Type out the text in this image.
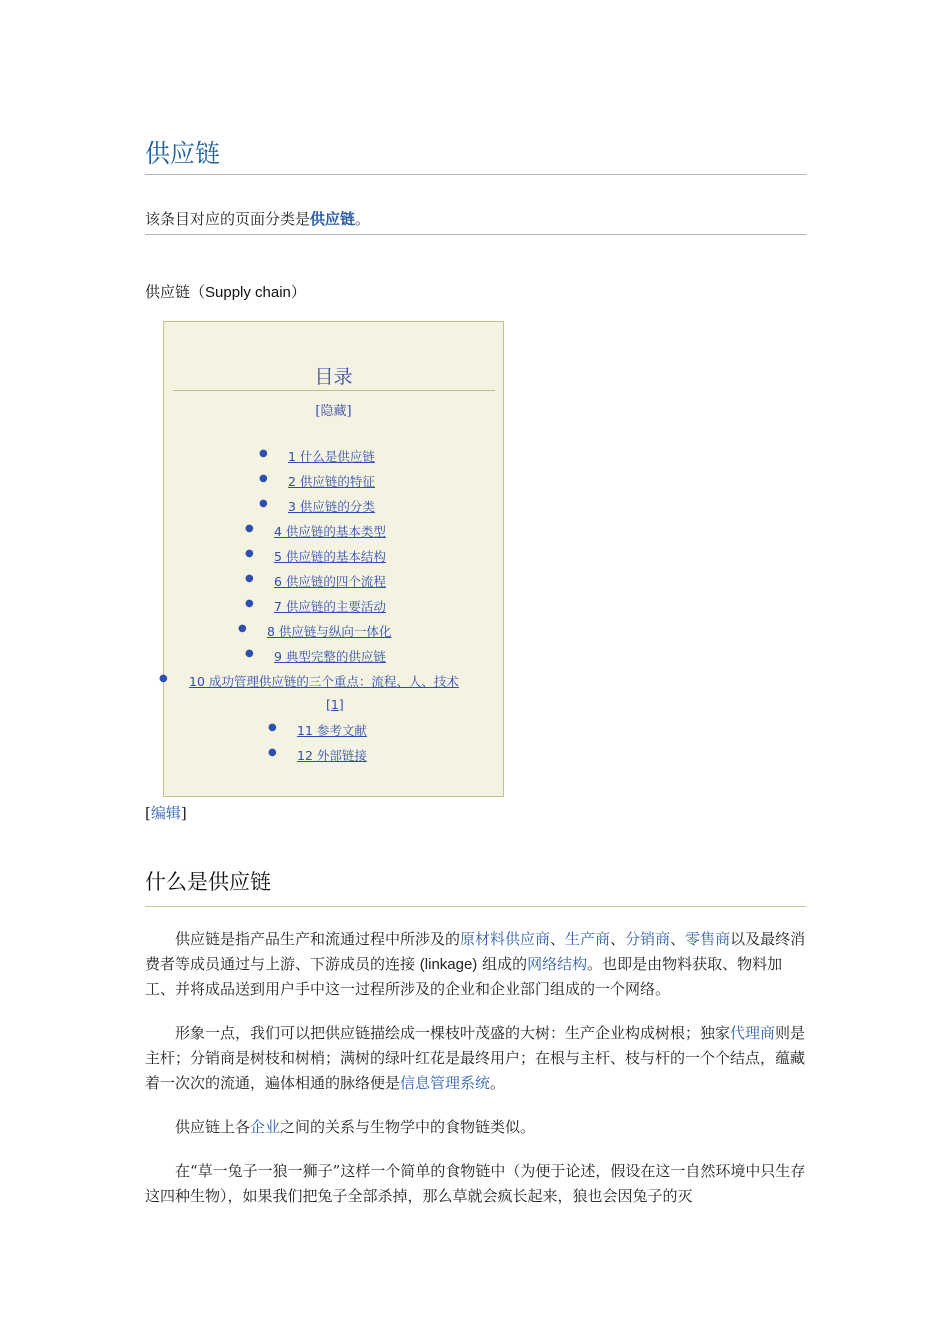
供应链
该条目对应的页面分类是供应链。
供应链（Supply chain）
目录
[隐藏]
● 1 什么是供应链
● 2 供应链的特征
● 3 供应链的分类
● 4 供应链的基本类型
● 5 供应链的基本结构
● 6 供应链的四个流程
● 7 供应链的主要活动
● 8 供应链与纵向一体化
● 9 典型完整的供应链
● 10 成功管理供应链的三个重点：流程、人、技术
[1]
● 11 参考文献
● 12 外部链接
[编辑]
什么是供应链

　　供应链是指产品生产和流通过程中所涉及的原材料供应商、生产商、分销商、零售商以及最终消费者等成员通过与上游、下游成员的连接 (linkage) 组成的网络结构。也即是由物料获取、物料加工、并将成品送到用户手中这一过程所涉及的企业和企业部门组成的一个网络。

　　形象一点，我们可以把供应链描绘成一棵枝叶茂盛的大树：生产企业构成树根；独家代理商则是主杆；分销商是树枝和树梢；满树的绿叶红花是最终用户；在根与主杆、枝与杆的一个个结点，蕴藏着一次次的流通，遍体相通的脉络便是信息管理系统。

　　供应链上各企业之间的关系与生物学中的食物链类似。

　　在“草一兔子一狼一狮子”这样一个简单的食物链中（为便于论述，假设在这一自然环境中只生存这四种生物），如果我们把兔子全部杀掉，那么草就会疯长起来，狼也会因兔子的灭
